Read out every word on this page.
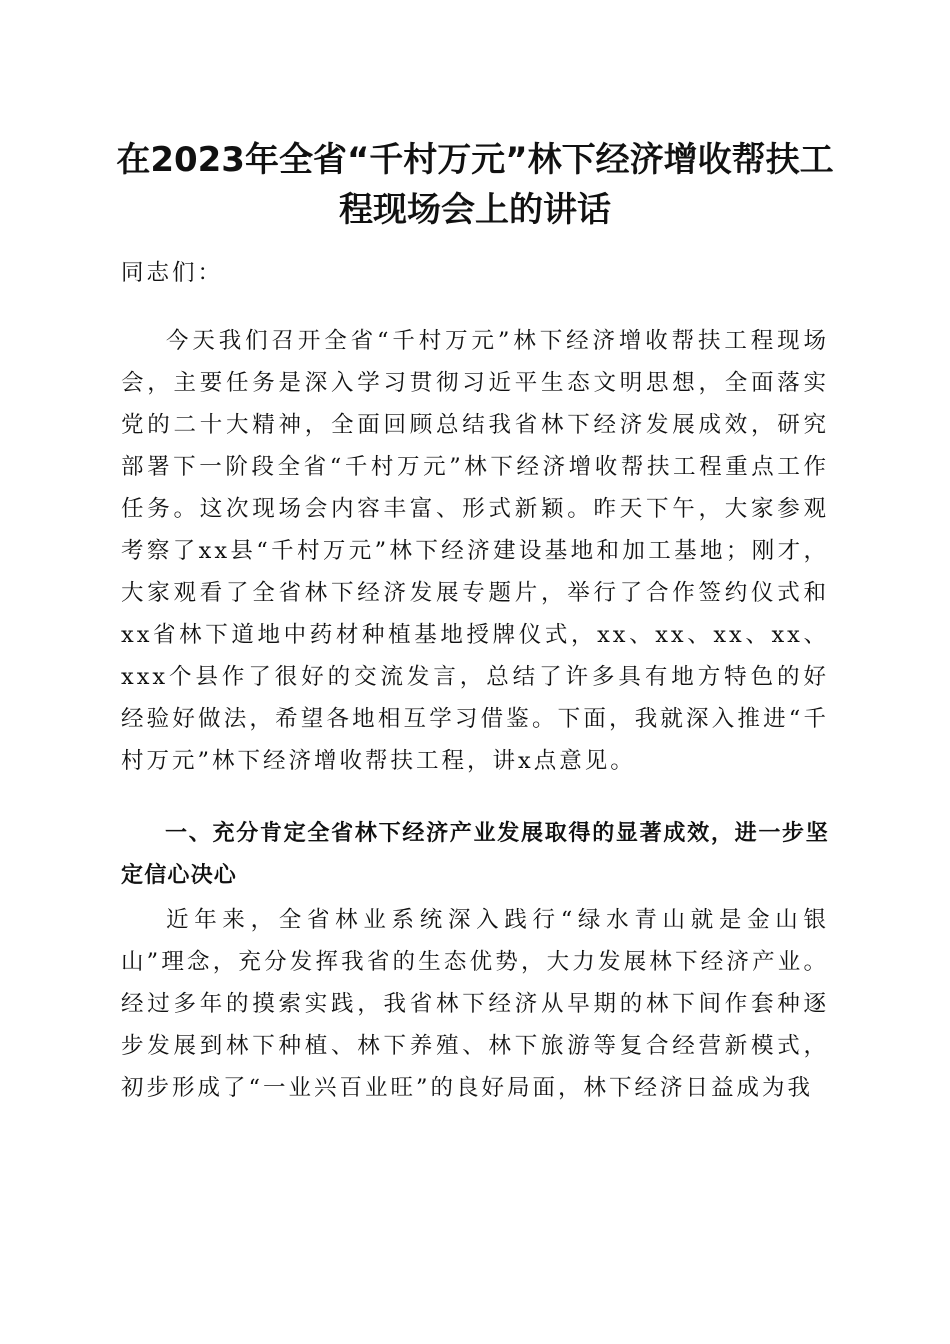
在2023年全省“千村万元”林下经济增收帮扶工程现场会上的讲话

同志们：

今天我们召开全省“千村万元”林下经济增收帮扶工程现场会，主要任务是深入学习贯彻习近平生态文明思想，全面落实党的二十大精神，全面回顾总结我省林下经济发展成效，研究部署下一阶段全省“千村万元”林下经济增收帮扶工程重点工作任务。这次现场会内容丰富、形式新颖。昨天下午，大家参观考察了xx县“千村万元”林下经济建设基地和加工基地；刚才，大家观看了全省林下经济发展专题片，举行了合作签约仪式和xx省林下道地中药材种植基地授牌仪式，xx、xx、xx、xx、xxx个县作了很好的交流发言，总结了许多具有地方特色的好经验好做法，希望各地相互学习借鉴。下面，我就深入推进“千村万元”林下经济增收帮扶工程，讲x点意见。

一、充分肯定全省林下经济产业发展取得的显著成效，进一步坚定信心决心

近年来，全省林业系统深入践行“绿水青山就是金山银山”理念，充分发挥我省的生态优势，大力发展林下经济产业。经过多年的摸索实践，我省林下经济从早期的林下间作套种逐步发展到林下种植、林下养殖、林下旅游等复合经营新模式，初步形成了“一业兴百业旺”的良好局面，林下经济日益成为我
